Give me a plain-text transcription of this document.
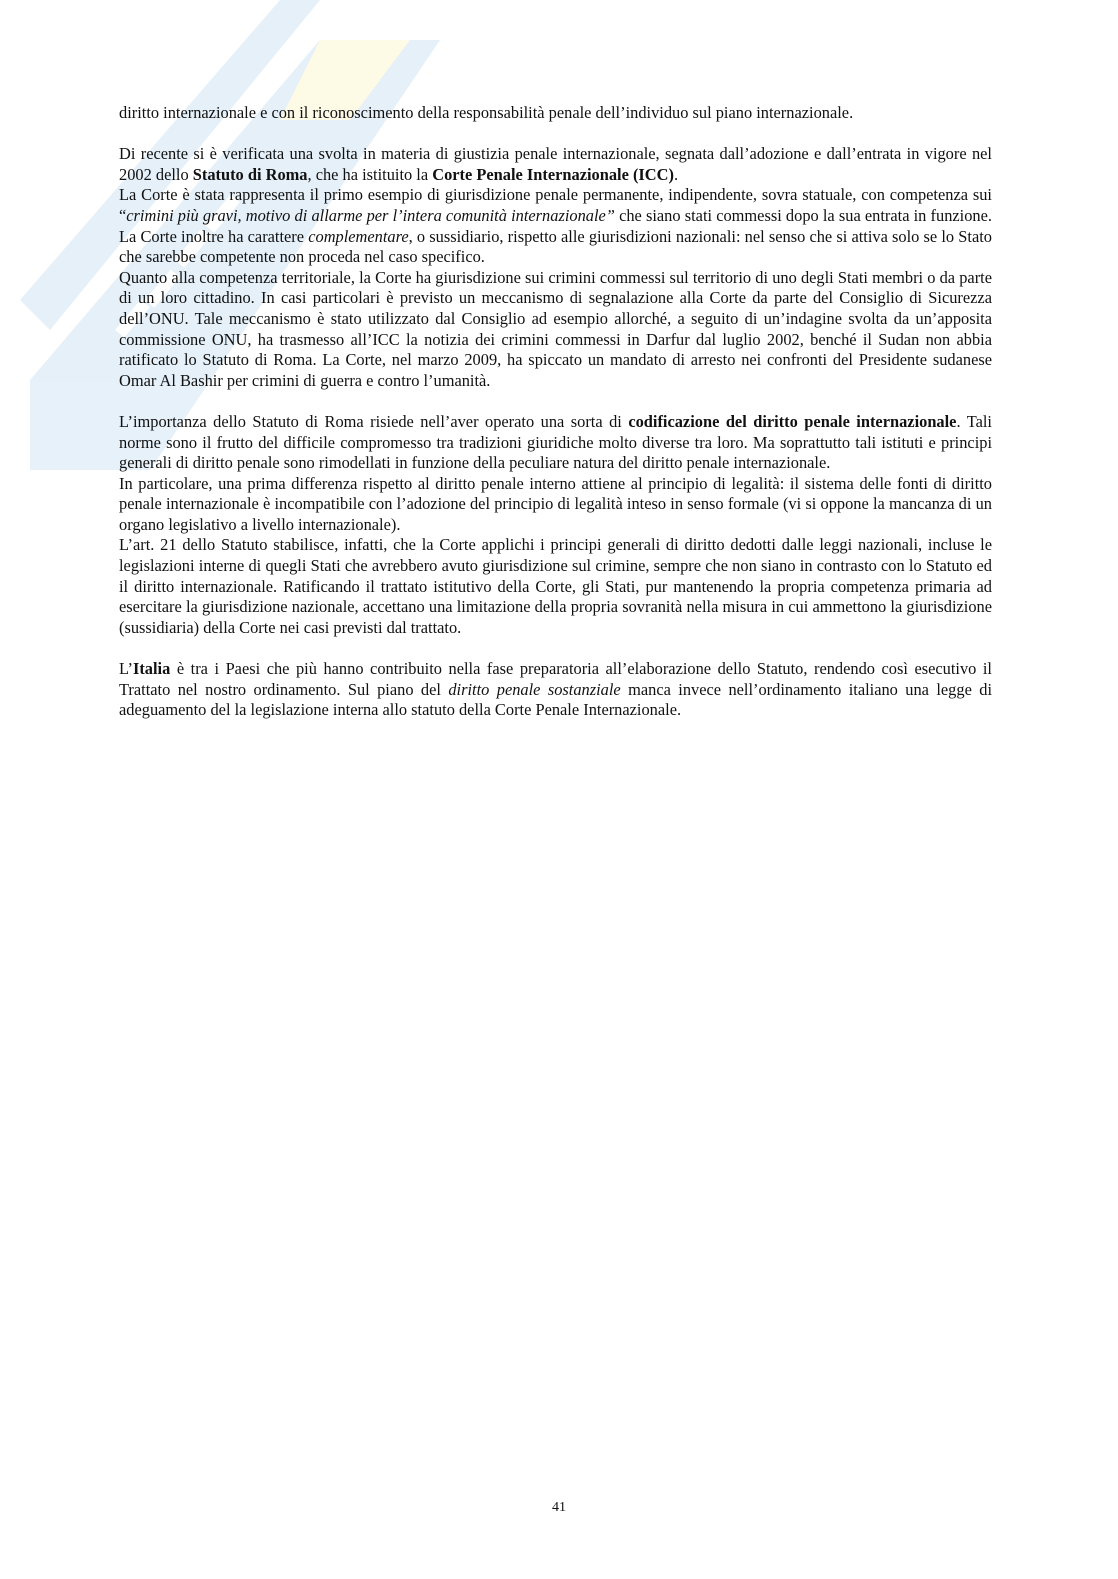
diritto internazionale e con il riconoscimento della responsabilità penale dell’individuo sul piano internazionale.

Di recente si è verificata una svolta in materia di giustizia penale internazionale, segnata dall’adozione e dall’entrata in vigore nel 2002 dello Statuto di Roma, che ha istituito la Corte Penale Internazionale (ICC).

La Corte è stata rappresenta il primo esempio di giurisdizione penale permanente, indipendente, sovra statuale, con competenza sui “crimini più gravi, motivo di allarme per l’intera comunità internazionale” che siano stati commessi dopo la sua entrata in funzione. La Corte inoltre ha carattere complementare, o sussidiario, rispetto alle giurisdizioni nazionali: nel senso che si attiva solo se lo Stato che sarebbe competente non proceda nel caso specifico.

Quanto alla competenza territoriale, la Corte ha giurisdizione sui crimini commessi sul territorio di uno degli Stati membri o da parte di un loro cittadino. In casi particolari è previsto un meccanismo di segnalazione alla Corte da parte del Consiglio di Sicurezza dell’ONU. Tale meccanismo è stato utilizzato dal Consiglio ad esempio allorché, a seguito di un’indagine svolta da un’apposita commissione ONU, ha trasmesso all’ICC la notizia dei crimini commessi in Darfur dal luglio 2002, benché il Sudan non abbia ratificato lo Statuto di Roma. La Corte, nel marzo 2009, ha spiccato un mandato di arresto nei confronti del Presidente sudanese Omar Al Bashir per crimini di guerra e contro l’umanità.

L’importanza dello Statuto di Roma risiede nell’aver operato una sorta di codificazione del diritto penale internazionale. Tali norme sono il frutto del difficile compromesso tra tradizioni giuridiche molto diverse tra loro. Ma soprattutto tali istituti e principi generali di diritto penale sono rimodellati in funzione della peculiare natura del diritto penale internazionale.

In particolare, una prima differenza rispetto al diritto penale interno attiene al principio di legalità: il sistema delle fonti di diritto penale internazionale è incompatibile con l’adozione del principio di legalità inteso in senso formale (vi si oppone la mancanza di un organo legislativo a livello internazionale).

L’art. 21 dello Statuto stabilisce, infatti, che la Corte applichi i principi generali di diritto dedotti dalle leggi nazionali, incluse le legislazioni interne di quegli Stati che avrebbero avuto giurisdizione sul crimine, sempre che non siano in contrasto con lo Statuto ed il diritto internazionale. Ratificando il trattato istitutivo della Corte, gli Stati, pur mantenendo la propria competenza primaria ad esercitare la giurisdizione nazionale, accettano una limitazione della propria sovranità nella misura in cui ammettono la giurisdizione (sussidiaria) della Corte nei casi previsti dal trattato.

L’Italia è tra i Paesi che più hanno contribuito nella fase preparatoria all’elaborazione dello Statuto, rendendo così esecutivo il Trattato nel nostro ordinamento. Sul piano del diritto penale sostanziale manca invece nell’ordinamento italiano una legge di adeguamento del la legislazione interna allo statuto della Corte Penale Internazionale.

41
